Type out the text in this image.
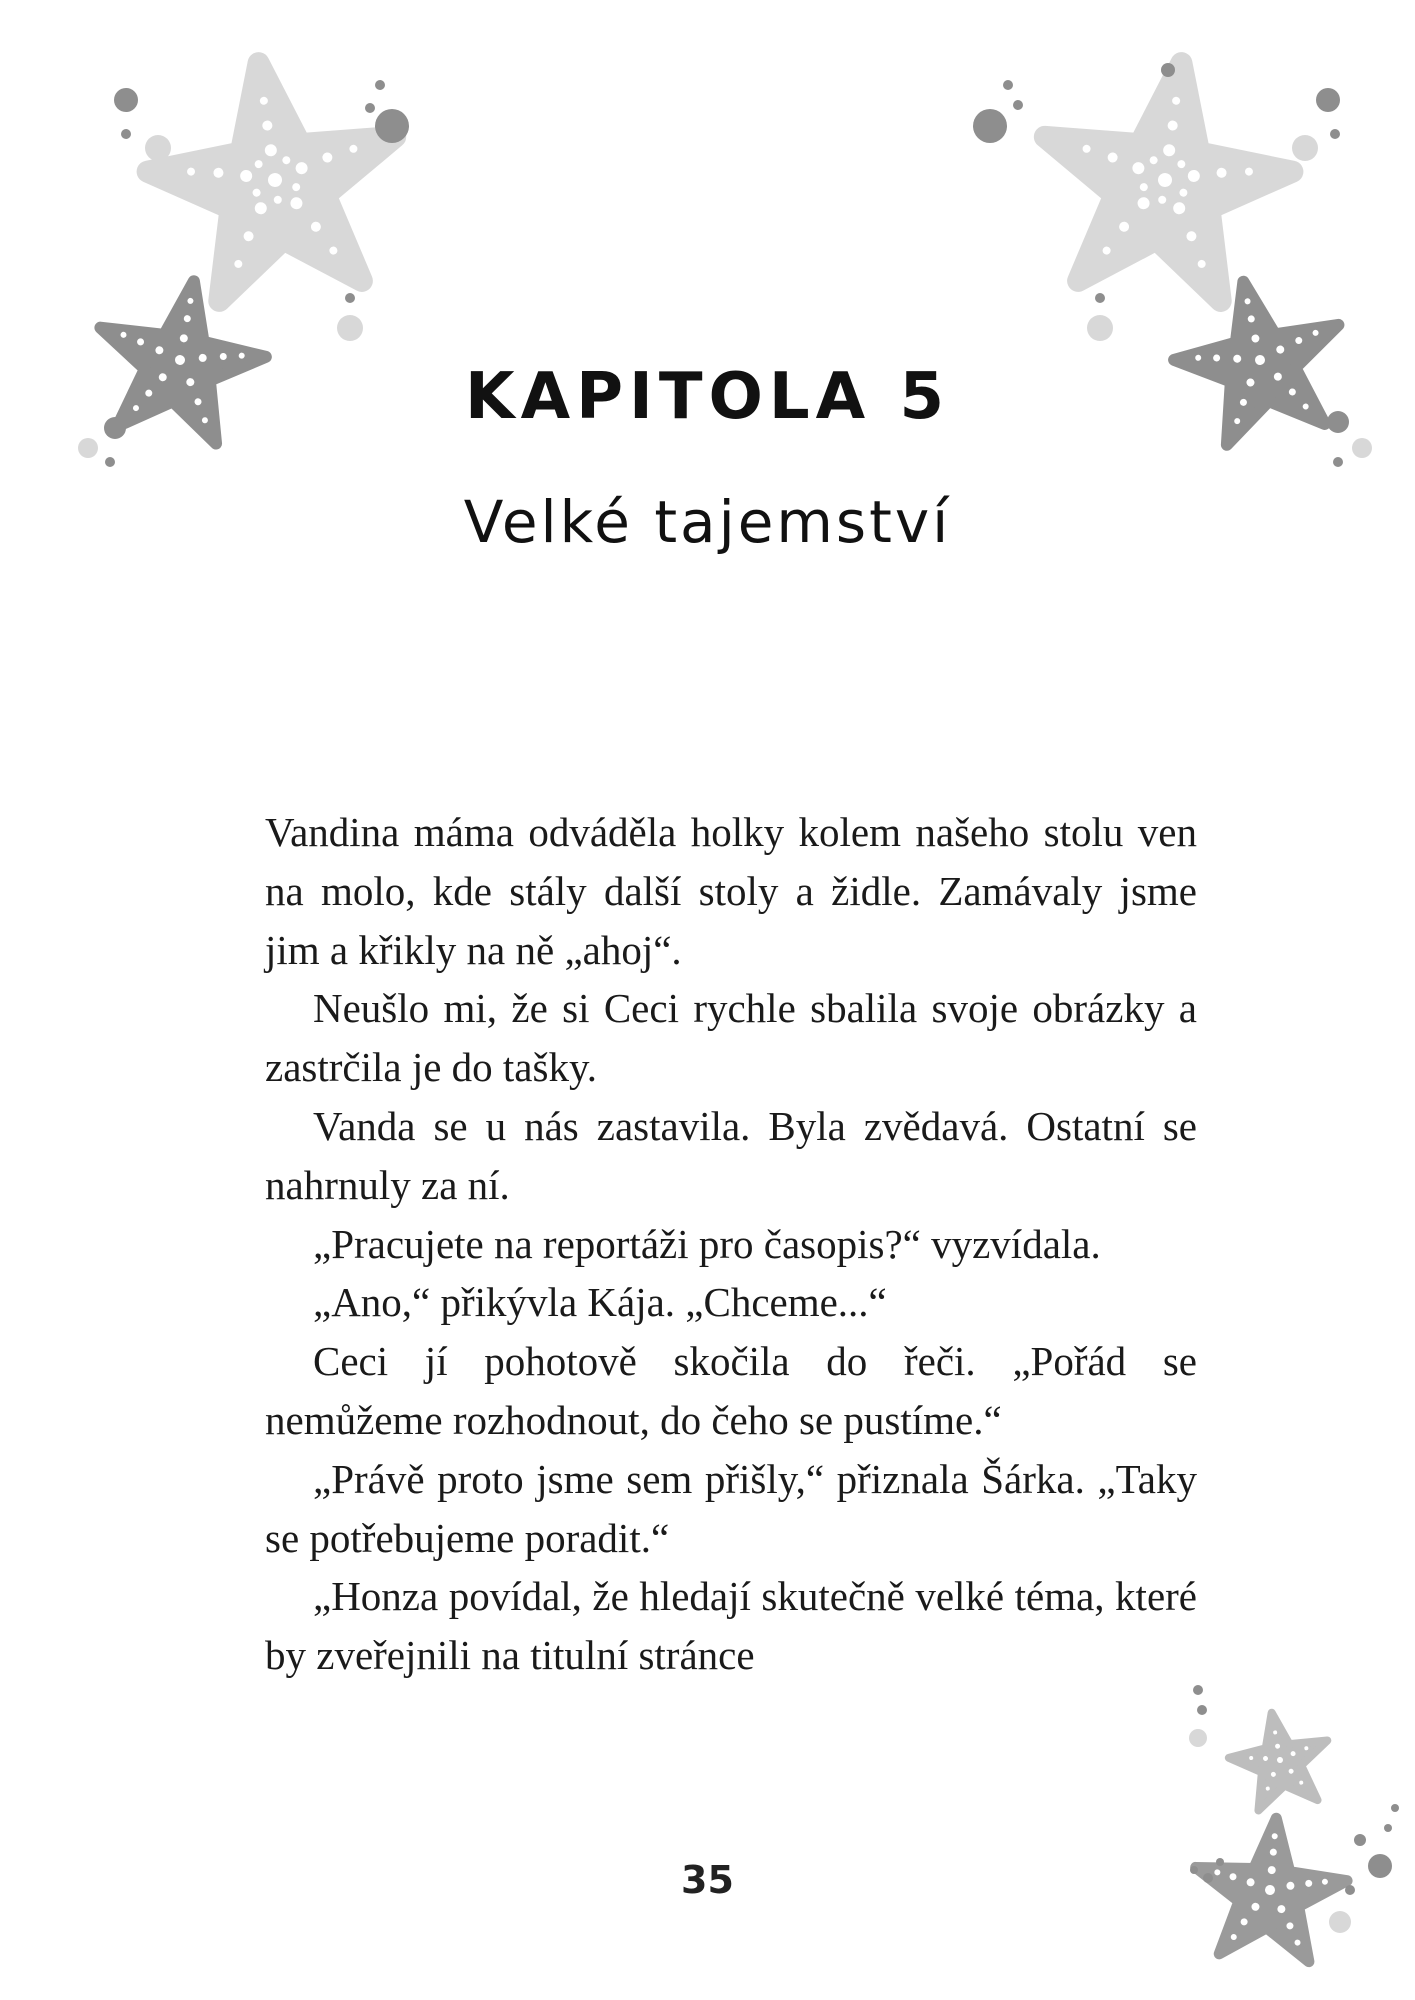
KAPITOLA 5
Velké tajemství

Vandina máma odváděla holky kolem našeho stolu ven na molo, kde stály další stoly a židle. Zamávaly jsme jim a křikly na ně „ahoj“.

Neušlo mi, že si Ceci rychle sbalila svoje obrázky a zastrčila je do tašky.

Vanda se u nás zastavila. Byla zvědavá. Ostatní se nahrnuly za ní.

„Pracujete na reportáži pro časopis?“ vyzvídala.

„Ano,“ přikývla Kája. „Chceme...“

Ceci jí pohotově skočila do řeči. „Pořád se nemůžeme rozhodnout, do čeho se pustíme.“

„Právě proto jsme sem přišly,“ přiznala Šárka. „Taky se potřebujeme poradit.“

„Honza povídal, že hledají skutečně velké téma, které by zveřejnili na titulní stránce

35
